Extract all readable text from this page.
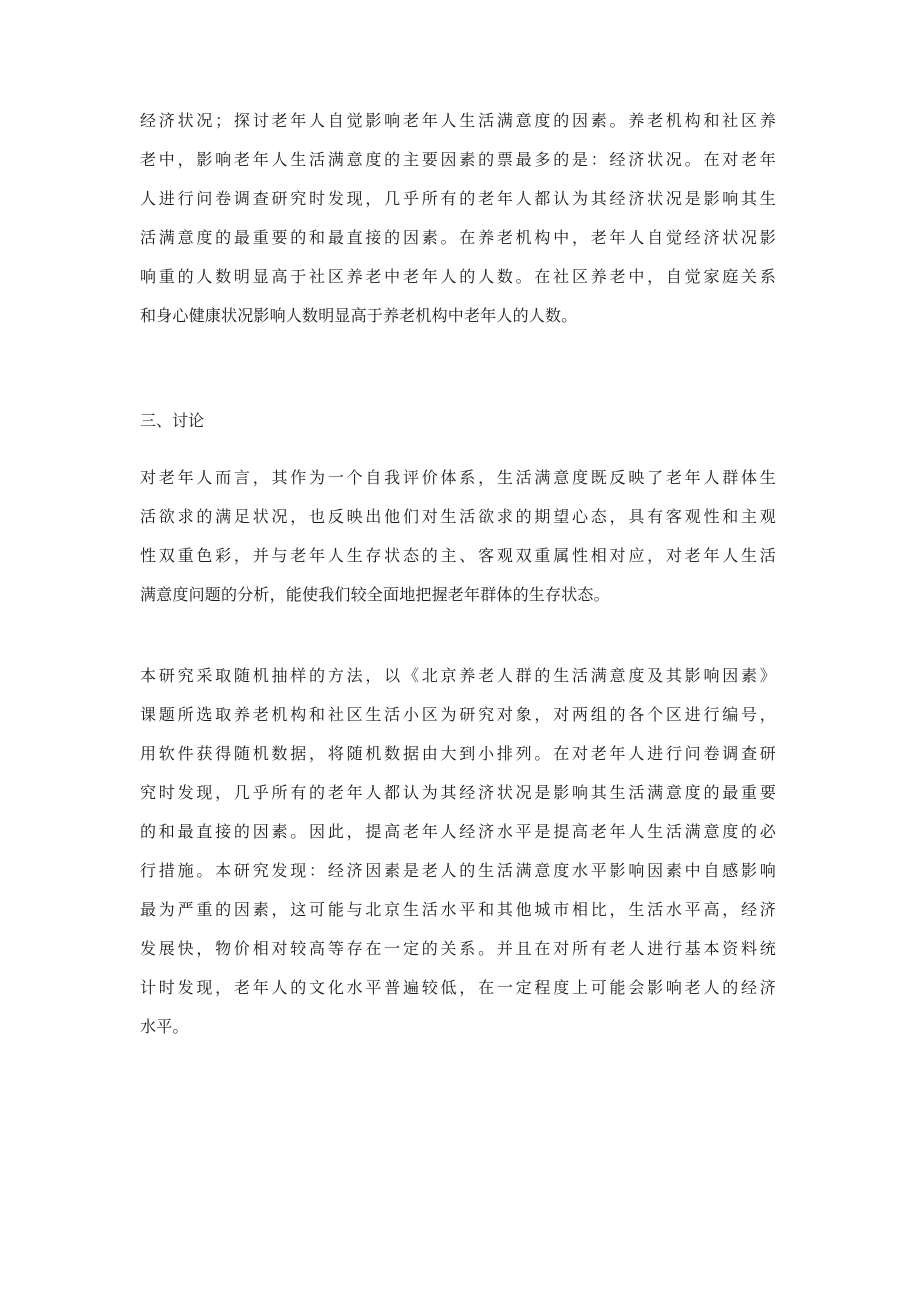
经济状况；探讨老年人自觉影响老年人生活满意度的因素。养老机构和社区养
老中，影响老年人生活满意度的主要因素的票最多的是：经济状况。在对老年
人进行问卷调查研究时发现，几乎所有的老年人都认为其经济状况是影响其生
活满意度的最重要的和最直接的因素。在养老机构中，老年人自觉经济状况影
响重的人数明显高于社区养老中老年人的人数。在社区养老中，自觉家庭关系
和身心健康状况影响人数明显高于养老机构中老年人的人数。
三、讨论
对老年人而言，其作为一个自我评价体系，生活满意度既反映了老年人群体生
活欲求的满足状况，也反映出他们对生活欲求的期望心态，具有客观性和主观
性双重色彩，并与老年人生存状态的主、客观双重属性相对应，对老年人生活
满意度问题的分析，能使我们较全面地把握老年群体的生存状态。
本研究采取随机抽样的方法，以《北京养老人群的生活满意度及其影响因素》
课题所选取养老机构和社区生活小区为研究对象，对两组的各个区进行编号，
用软件获得随机数据，将随机数据由大到小排列。在对老年人进行问卷调查研
究时发现，几乎所有的老年人都认为其经济状况是影响其生活满意度的最重要
的和最直接的因素。因此，提高老年人经济水平是提高老年人生活满意度的必
行措施。本研究发现：经济因素是老人的生活满意度水平影响因素中自感影响
最为严重的因素，这可能与北京生活水平和其他城市相比，生活水平高，经济
发展快，物价相对较高等存在一定的关系。并且在对所有老人进行基本资料统
计时发现，老年人的文化水平普遍较低，在一定程度上可能会影响老人的经济
水平。
